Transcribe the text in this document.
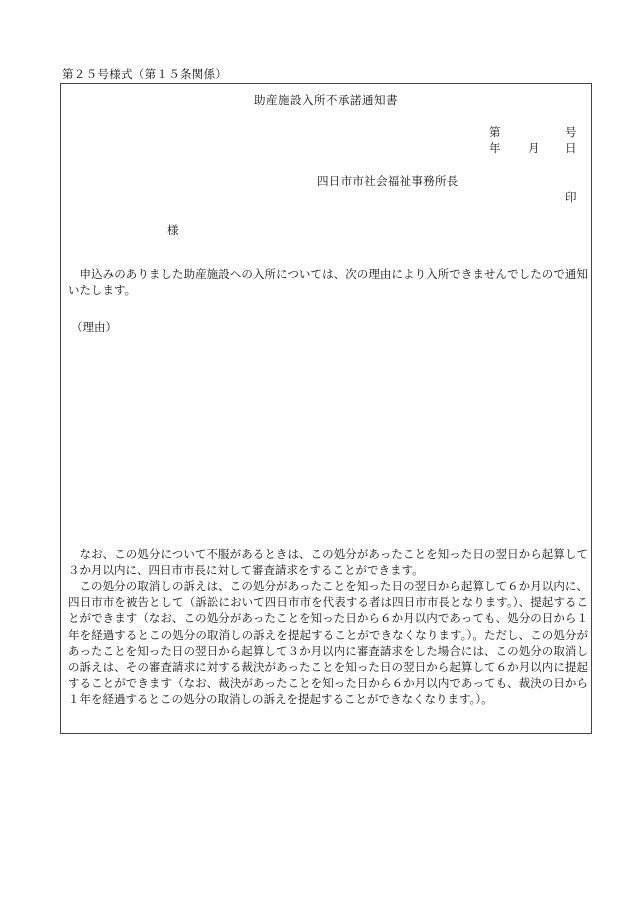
第２５号様式（第１５条関係）
助産施設入所不承諾通知書
第	号
年 月 日
四日市市社会福祉事務所長
印
様
申込みのありました助産施設への入所については、次の理由により入所できませんでしたので通知いたします。
（理由）
なお、この処分について不服があるときは、この処分があったことを知った日の翌日から起算して３か月以内に、四日市市長に対して審査請求をすることができます。
この処分の取消しの訴えは、この処分があったことを知った日の翌日から起算して６か月以内に、四日市市を被告として（訴訟において四日市市を代表する者は四日市市長となります。）、提起することができます（なお、この処分があったことを知った日から６か月以内であっても、処分の日から１年を経過するとこの処分の取消しの訴えを提起することができなくなります。）。ただし、この処分があったことを知った日の翌日から起算して３か月以内に審査請求をした場合には、この処分の取消しの訴えは、その審査請求に対する裁決があったことを知った日の翌日から起算して６か月以内に提起することができます（なお、裁決があったことを知った日から６か月以内であっても、裁決の日から１年を経過するとこの処分の取消しの訴えを提起することができなくなります。）。
